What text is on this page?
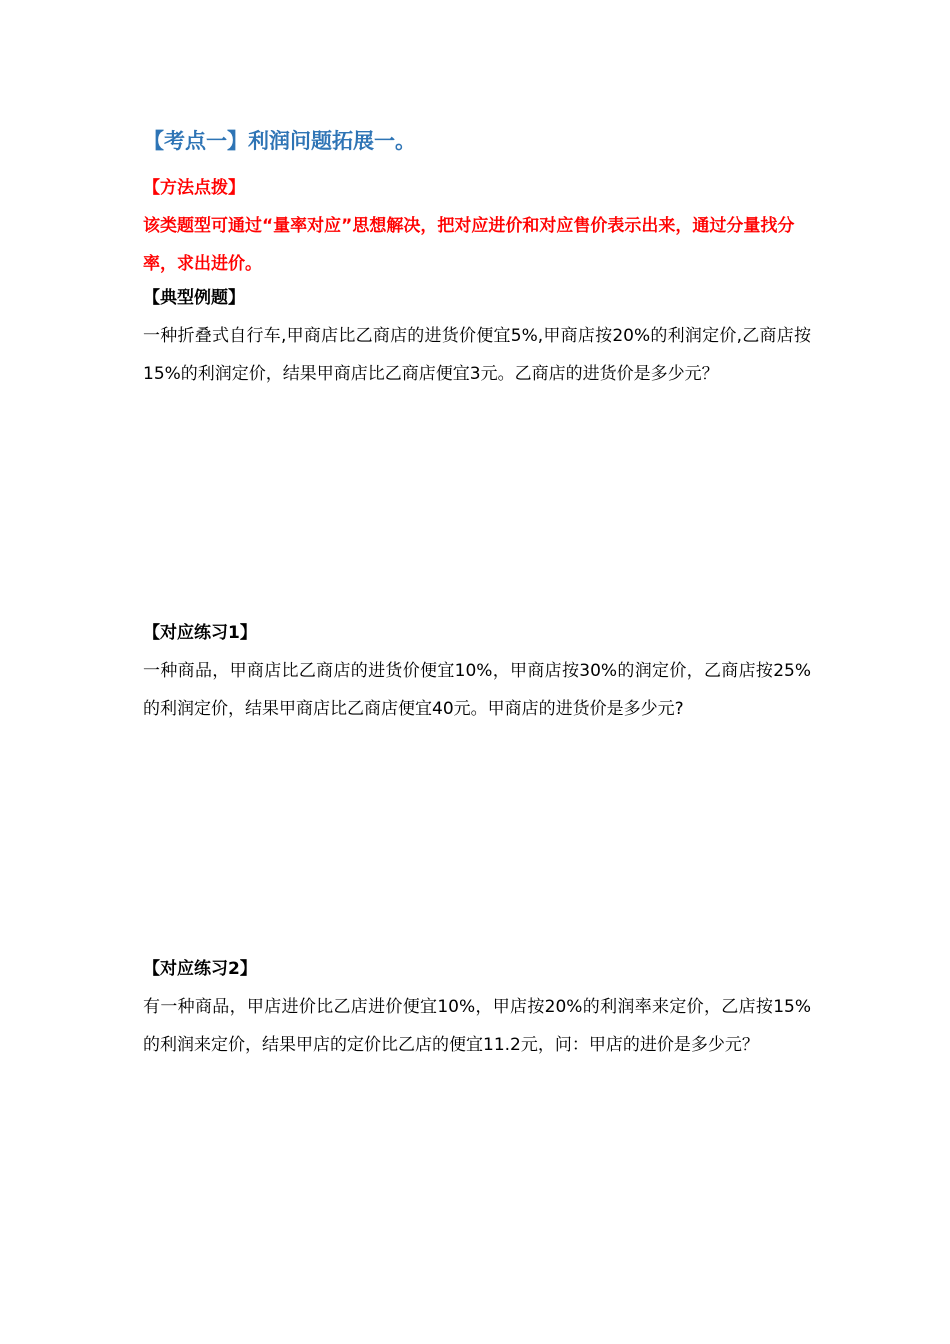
【考点一】利润问题拓展一。
【方法点拨】

该类题型可通过“量率对应”思想解决，把对应进价和对应售价表示出来，通过分量找分率，求出进价。

【典型例题】

一种折叠式自行车,甲商店比乙商店的进货价便宜5%,甲商店按20%的利润定价,乙商店按15%的利润定价，结果甲商店比乙商店便宜3元。乙商店的进货价是多少元？

【对应练习1】

一种商品，甲商店比乙商店的进货价便宜10%，甲商店按30%的润定价，乙商店按25%的利润定价，结果甲商店比乙商店便宜40元。甲商店的进货价是多少元?

【对应练习2】

有一种商品，甲店进价比乙店进价便宜10%，甲店按20%的利润率来定价，乙店按15%的利润来定价，结果甲店的定价比乙店的便宜11.2元，问：甲店的进价是多少元？
